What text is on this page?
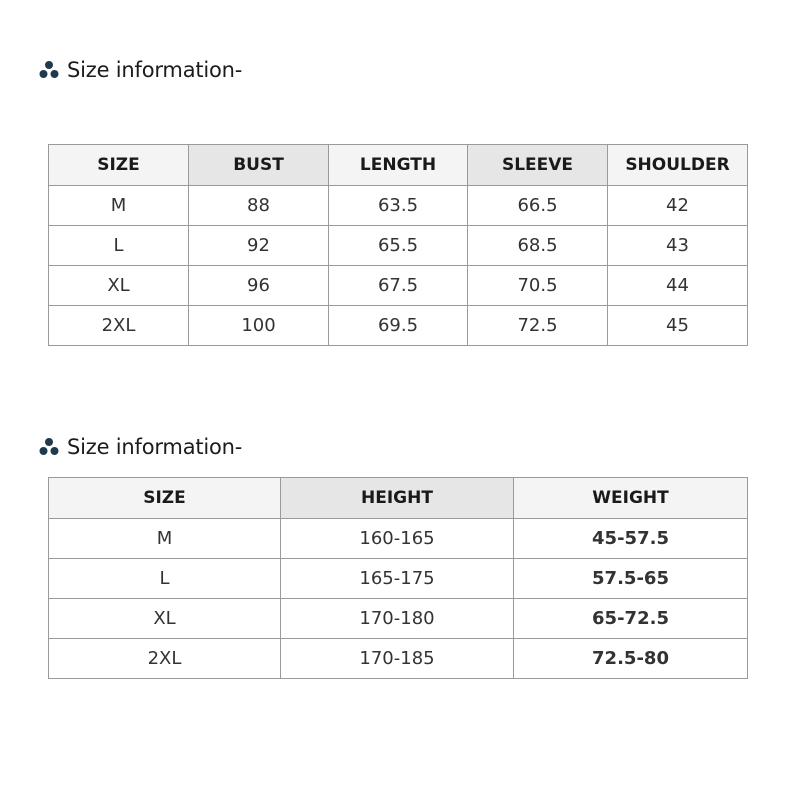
Size information-
SIZE	BUST	LENGTH	SLEEVE	SHOULDER
M	88	63.5	66.5	42
L	92	65.5	68.5	43
XL	96	67.5	70.5	44
2XL	100	69.5	72.5	45
Size information-
SIZE	HEIGHT	WEIGHT
M	160-165	45-57.5
L	165-175	57.5-65
XL	170-180	65-72.5
2XL	170-185	72.5-80
